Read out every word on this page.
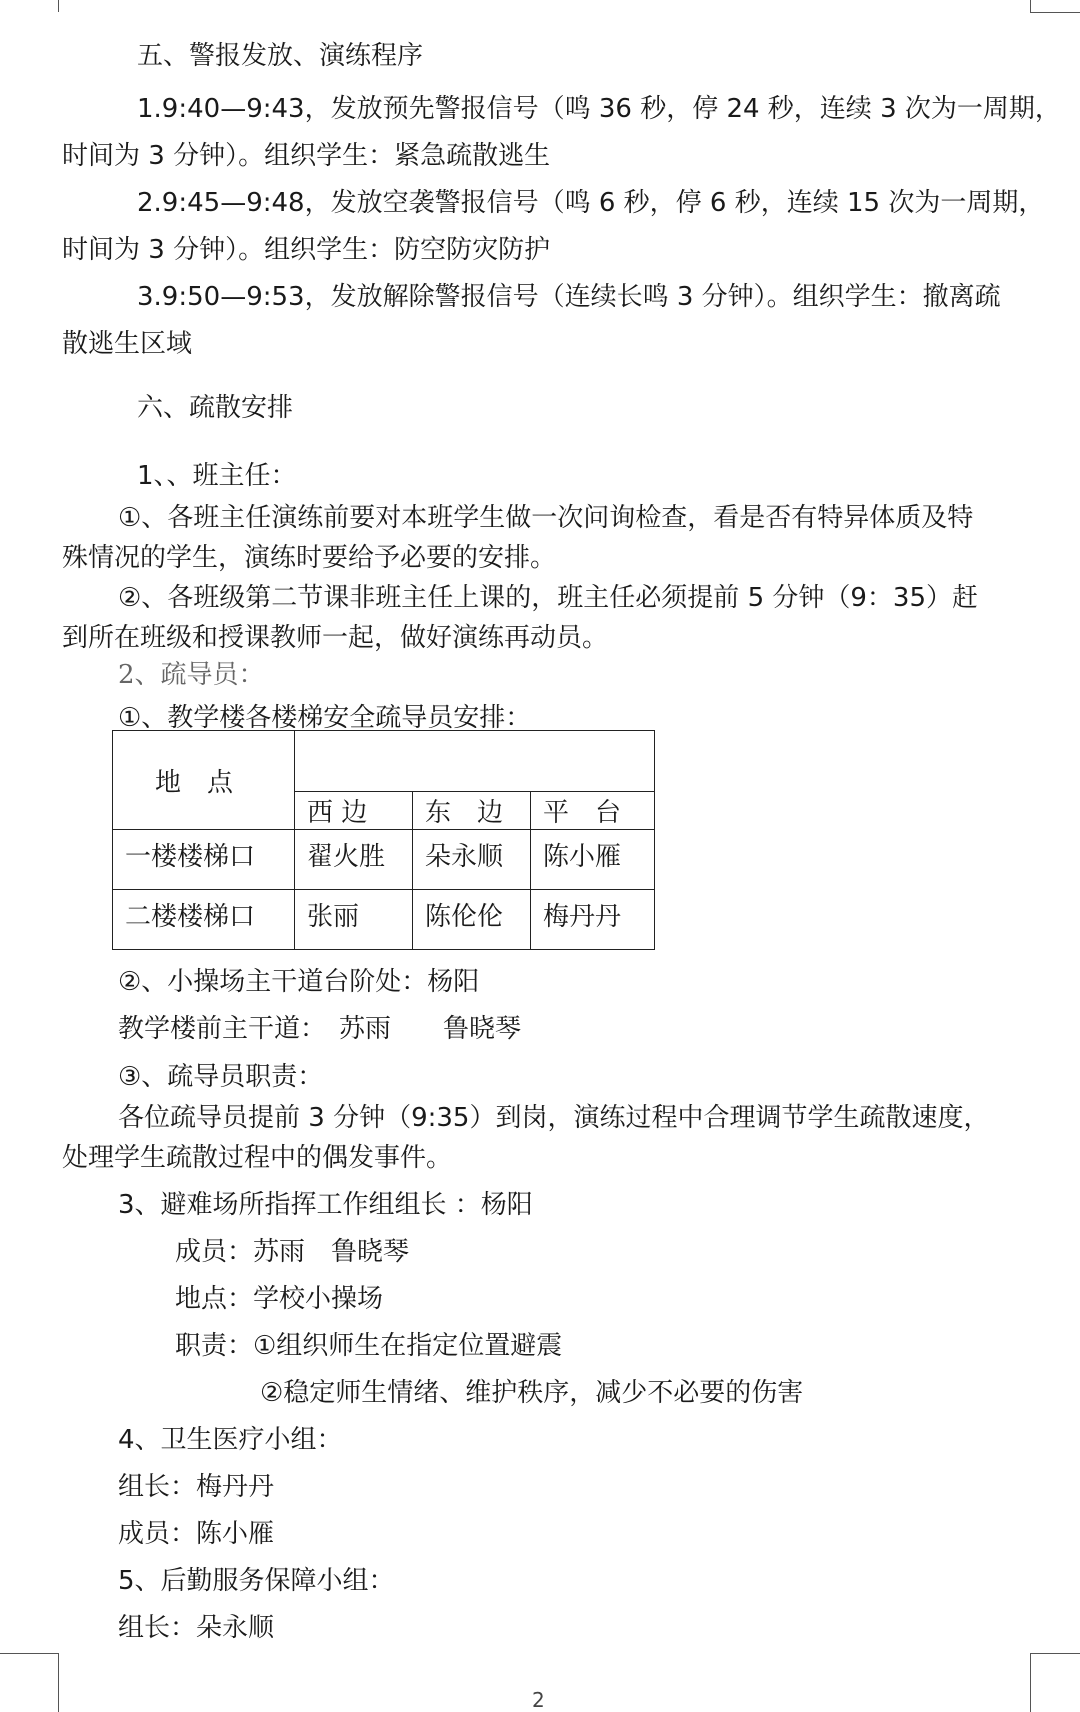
五、警报发放、演练程序
1.9:40—9:43，发放预先警报信号（鸣 36 秒，停 24 秒，连续 3 次为一周期，
时间为 3 分钟）。组织学生：紧急疏散逃生
2.9:45—9:48，发放空袭警报信号（鸣 6 秒，停 6 秒，连续 15 次为一周期，
时间为 3 分钟）。组织学生：防空防灾防护
3.9:50—9:53，发放解除警报信号（连续长鸣 3 分钟）。组织学生：撤离疏
散逃生区域
六、疏散安排
1、、班主任：
①、各班主任演练前要对本班学生做一次问询检查，看是否有特异体质及特
殊情况的学生，演练时要给予必要的安排。
②、各班级第二节课非班主任上课的，班主任必须提前 5 分钟（9：35）赶
到所在班级和授课教师一起，做好演练再动员。
2、疏导员：
①、教学楼各楼梯安全疏导员安排：
地　点			
	西 边	东　边	平　台
一楼楼梯口	翟火胜	朵永顺	陈小雁
二楼楼梯口	张丽	陈伦伦	梅丹丹
②、小操场主干道台阶处：杨阳
教学楼前主干道：　苏雨　　鲁晓琴
③、疏导员职责：
各位疏导员提前 3 分钟（9:35）到岗，演练过程中合理调节学生疏散速度，
处理学生疏散过程中的偶发事件。
3、避难场所指挥工作组组长 ：杨阳
成员：苏雨　鲁晓琴
地点：学校小操场
职责：①组织师生在指定位置避震
②稳定师生情绪、维护秩序，减少不必要的伤害
4、卫生医疗小组：
组长：梅丹丹
成员：陈小雁
5、后勤服务保障小组：
组长：朵永顺
2
